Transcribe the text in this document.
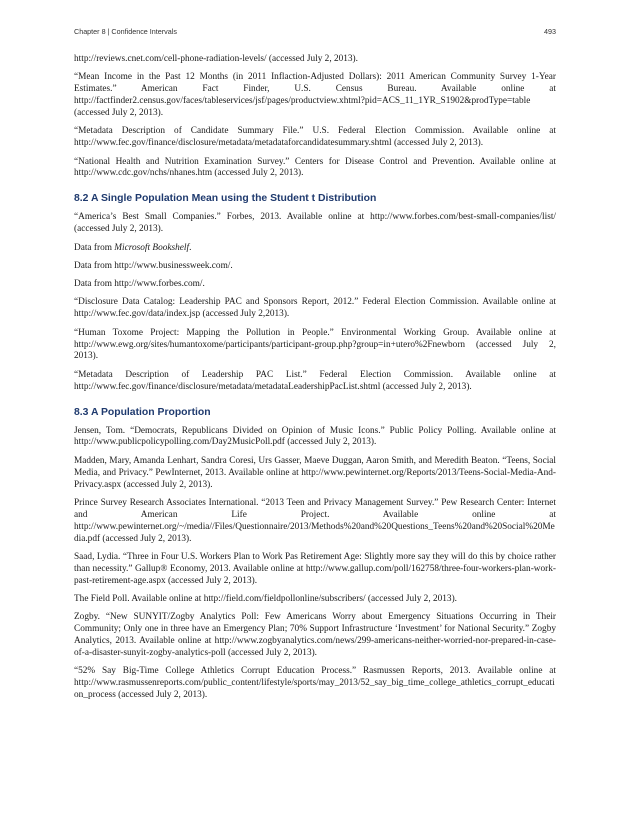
Chapter 8 | Confidence Intervals	493

http://reviews.cnet.com/cell-phone-radiation-levels/ (accessed July 2, 2013).

“Mean Income in the Past 12 Months (in 2011 Inflaction-Adjusted Dollars): 2011 American Community Survey 1-Year Estimates.” American Fact Finder, U.S. Census Bureau. Available online at http://factfinder2.census.gov/faces/tableservices/jsf/pages/productview.xhtml?pid=ACS_11_1YR_S1902&prodType=table (accessed July 2, 2013).

“Metadata Description of Candidate Summary File.” U.S. Federal Election Commission. Available online at http://www.fec.gov/finance/disclosure/metadata/metadataforcandidatesummary.shtml (accessed July 2, 2013).

“National Health and Nutrition Examination Survey.” Centers for Disease Control and Prevention. Available online at http://www.cdc.gov/nchs/nhanes.htm (accessed July 2, 2013).

8.2 A Single Population Mean using the Student t Distribution

“America’s Best Small Companies.” Forbes, 2013. Available online at http://www.forbes.com/best-small-companies/list/ (accessed July 2, 2013).

Data from Microsoft Bookshelf.

Data from http://www.businessweek.com/.

Data from http://www.forbes.com/.

“Disclosure Data Catalog: Leadership PAC and Sponsors Report, 2012.” Federal Election Commission. Available online at http://www.fec.gov/data/index.jsp (accessed July 2,2013).

“Human Toxome Project: Mapping the Pollution in People.” Environmental Working Group. Available online at http://www.ewg.org/sites/humantoxome/participants/participant-group.php?group=in+utero%2Fnewborn (accessed July 2, 2013).

“Metadata Description of Leadership PAC List.” Federal Election Commission. Available online at http://www.fec.gov/finance/disclosure/metadata/metadataLeadershipPacList.shtml (accessed July 2, 2013).

8.3 A Population Proportion

Jensen, Tom. “Democrats, Republicans Divided on Opinion of Music Icons.” Public Policy Polling. Available online at http://www.publicpolicypolling.com/Day2MusicPoll.pdf (accessed July 2, 2013).

Madden, Mary, Amanda Lenhart, Sandra Coresi, Urs Gasser, Maeve Duggan, Aaron Smith, and Meredith Beaton. “Teens, Social Media, and Privacy.” PewInternet, 2013. Available online at http://www.pewinternet.org/Reports/2013/Teens-Social-Media-And-Privacy.aspx (accessed July 2, 2013).

Prince Survey Research Associates International. “2013 Teen and Privacy Management Survey.” Pew Research Center: Internet and American Life Project. Available online at http://www.pewinternet.org/~/media//Files/Questionnaire/2013/Methods%20and%20Questions_Teens%20and%20Social%20Media.pdf (accessed July 2, 2013).

Saad, Lydia. “Three in Four U.S. Workers Plan to Work Pas Retirement Age: Slightly more say they will do this by choice rather than necessity.” Gallup® Economy, 2013. Available online at http://www.gallup.com/poll/162758/three-four-workers-plan-work-past-retirement-age.aspx (accessed July 2, 2013).

The Field Poll. Available online at http://field.com/fieldpollonline/subscribers/ (accessed July 2, 2013).

Zogby. “New SUNYIT/Zogby Analytics Poll: Few Americans Worry about Emergency Situations Occurring in Their Community; Only one in three have an Emergency Plan; 70% Support Infrastructure ‘Investment’ for National Security.” Zogby Analytics, 2013. Available online at http://www.zogbyanalytics.com/news/299-americans-neither-worried-nor-prepared-in-case-of-a-disaster-sunyit-zogby-analytics-poll (accessed July 2, 2013).

“52% Say Big-Time College Athletics Corrupt Education Process.” Rasmussen Reports, 2013. Available online at http://www.rasmussenreports.com/public_content/lifestyle/sports/may_2013/52_say_big_time_college_athletics_corrupt_education_process (accessed July 2, 2013).
